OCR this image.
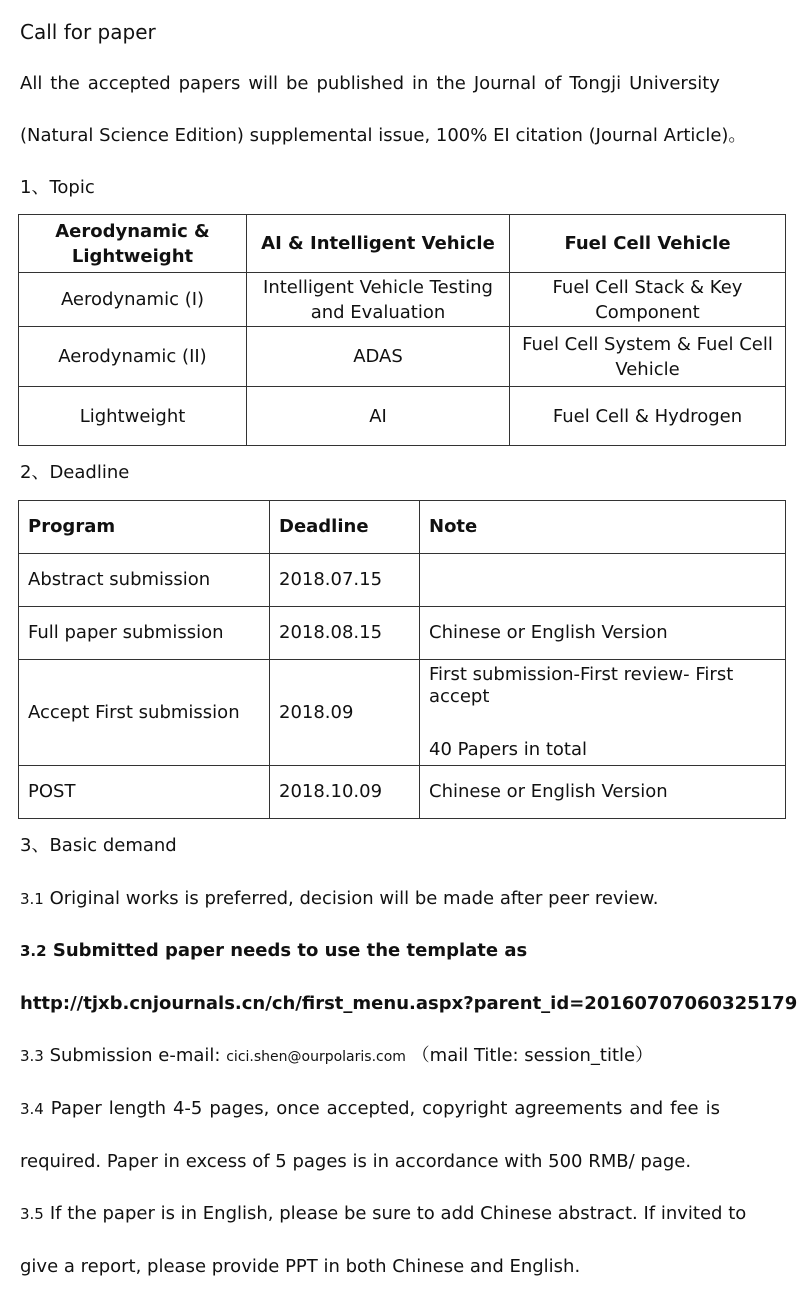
Call for paper
All the accepted papers will be published in the Journal of Tongji University
(Natural Science Edition) supplemental issue, 100% EI citation (Journal Article)。
1、Topic
Aerodynamic & Lightweight	AI & Intelligent Vehicle	Fuel Cell Vehicle
Aerodynamic (I)	Intelligent Vehicle Testing and Evaluation	Fuel Cell Stack & Key Component
Aerodynamic (II)	ADAS	Fuel Cell System & Fuel Cell Vehicle
Lightweight	AI	Fuel Cell & Hydrogen
2、Deadline
Program	Deadline	Note
Abstract submission	2018.07.15	
Full paper submission	2018.08.15	Chinese or English Version
Accept First submission	2018.09	First submission-First review- First accept
40 Papers in total

POST	2018.10.09	Chinese or English Version
3、Basic demand
3.1 Original works is preferred, decision will be made after peer review.
3.2 Submitted paper needs to use the template as
http://tjxb.cnjournals.cn/ch/first_menu.aspx?parent_id=20160707060325179
3.3 Submission e-mail: cici.shen@ourpolaris.com （mail Title: session_title）
3.4 Paper length 4-5 pages, once accepted, copyright agreements and fee is
required. Paper in excess of 5 pages is in accordance with 500 RMB/ page.
3.5 If the paper is in English, please be sure to add Chinese abstract. If invited to
give a report, please provide PPT in both Chinese and English.
